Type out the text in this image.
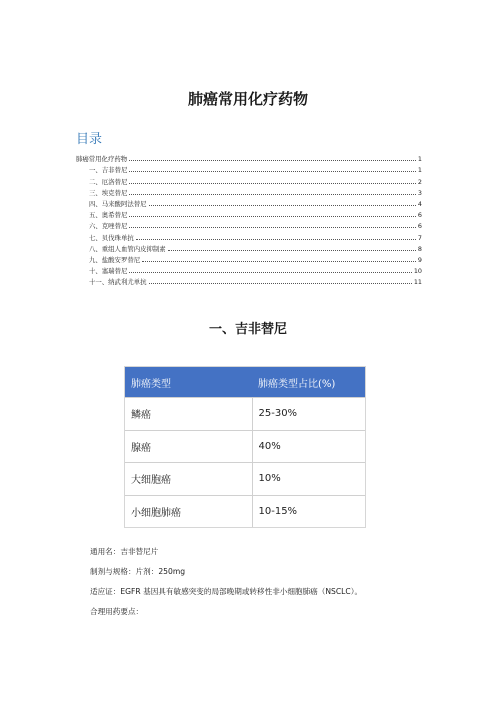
肺癌常用化疗药物
目录
肺癌常用化疗药物	1
一、吉非替尼	1
二、厄洛替尼	2
三、埃克替尼	3
四、马来酸阿法替尼	4
五、奥希替尼	6
六、克唑替尼	6
七、贝伐珠单抗	7
八、重组人血管内皮抑制素	8
九、盐酸安罗替尼	9
十、塞瑞替尼	10
十一、纳武利尤单抗	11
一、吉非替尼
肺癌类型	肺癌类型占比(%)
鳞癌	25-30%
腺癌	40%
大细胞癌	10%
小细胞肺癌	10-15%
通用名：吉非替尼片
制剂与规格：片剂：250mg
适应证：EGFR 基因具有敏感突变的局部晚期或转移性非小细胞肺癌（NSCLC）。
合理用药要点：
